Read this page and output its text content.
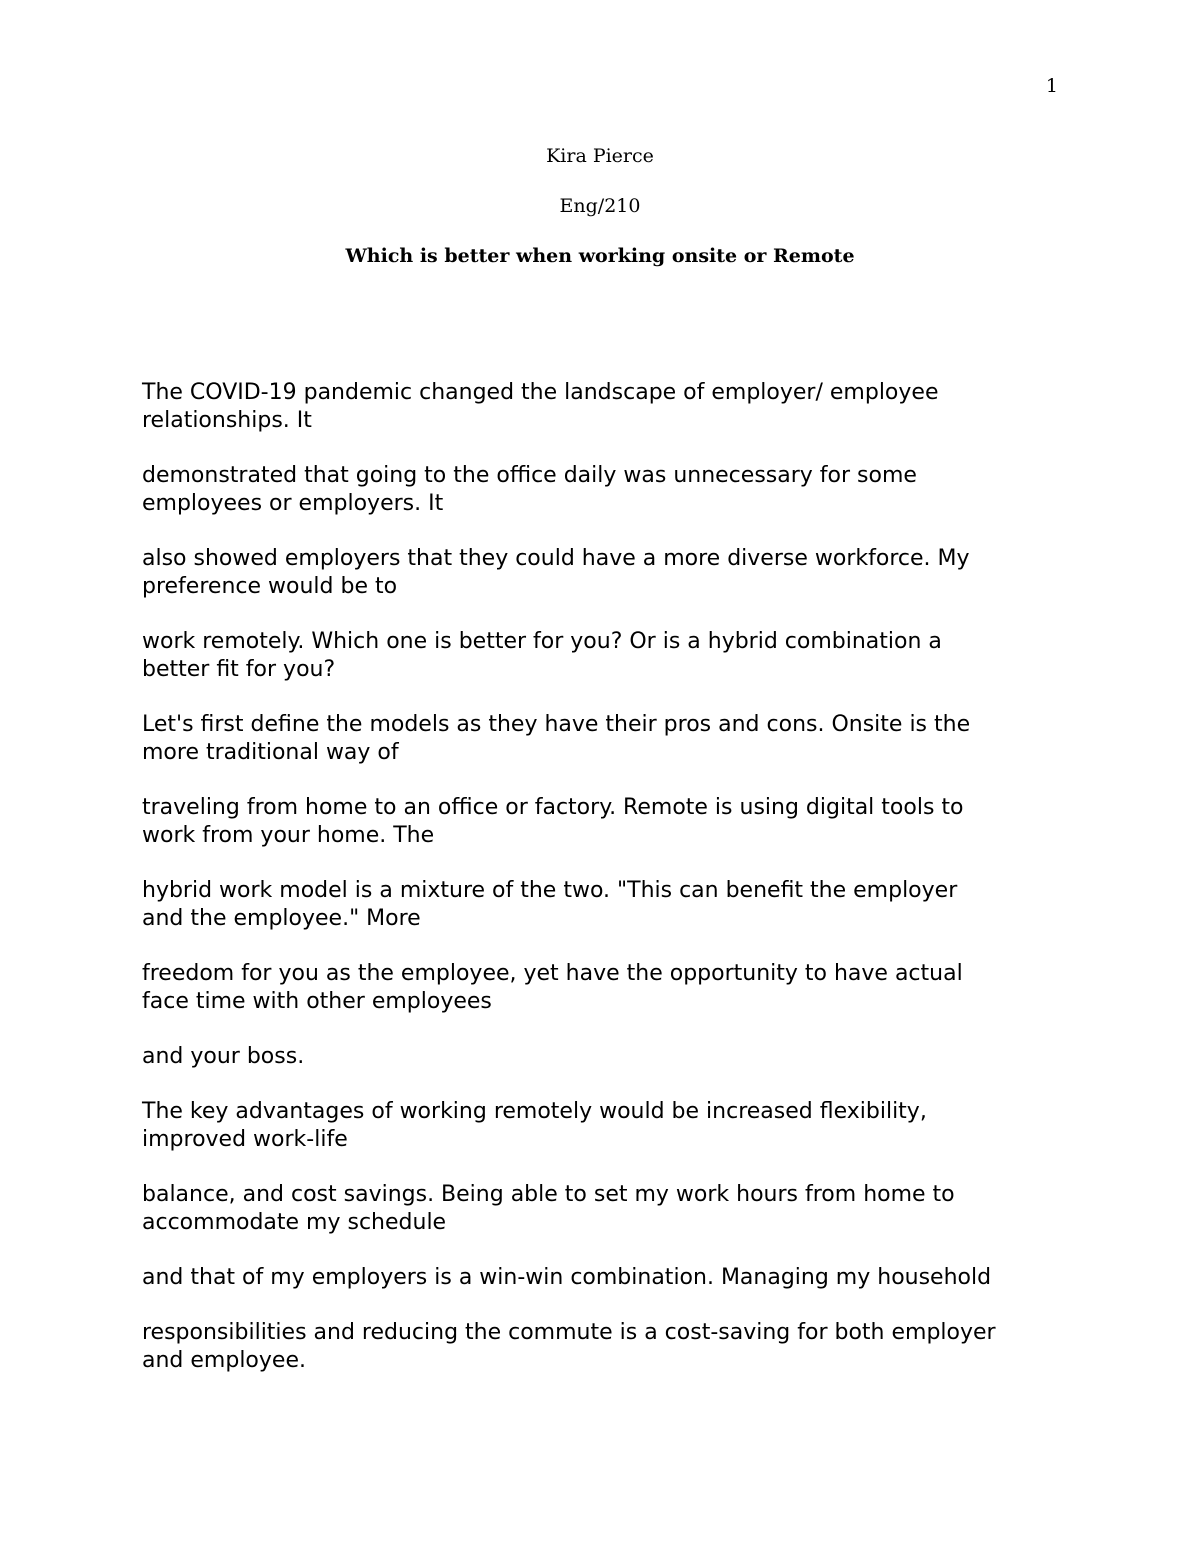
1
Kira Pierce
Eng/210
Which is better when working onsite or Remote

The COVID-19 pandemic changed the landscape of employer/ employee
relationships. It

demonstrated that going to the office daily was unnecessary for some
employees or employers. It

also showed employers that they could have a more diverse workforce. My
preference would be to

work remotely. Which one is better for you? Or is a hybrid combination a
better fit for you?

Let's first define the models as they have their pros and cons. Onsite is the
more traditional way of

traveling from home to an office or factory. Remote is using digital tools to
work from your home. The

hybrid work model is a mixture of the two. "This can benefit the employer
and the employee." More

freedom for you as the employee, yet have the opportunity to have actual
face time with other employees

and your boss.

The key advantages of working remotely would be increased flexibility,
improved work-life

balance, and cost savings. Being able to set my work hours from home to
accommodate my schedule

and that of my employers is a win-win combination. Managing my household

responsibilities and reducing the commute is a cost-saving for both employer
and employee.
